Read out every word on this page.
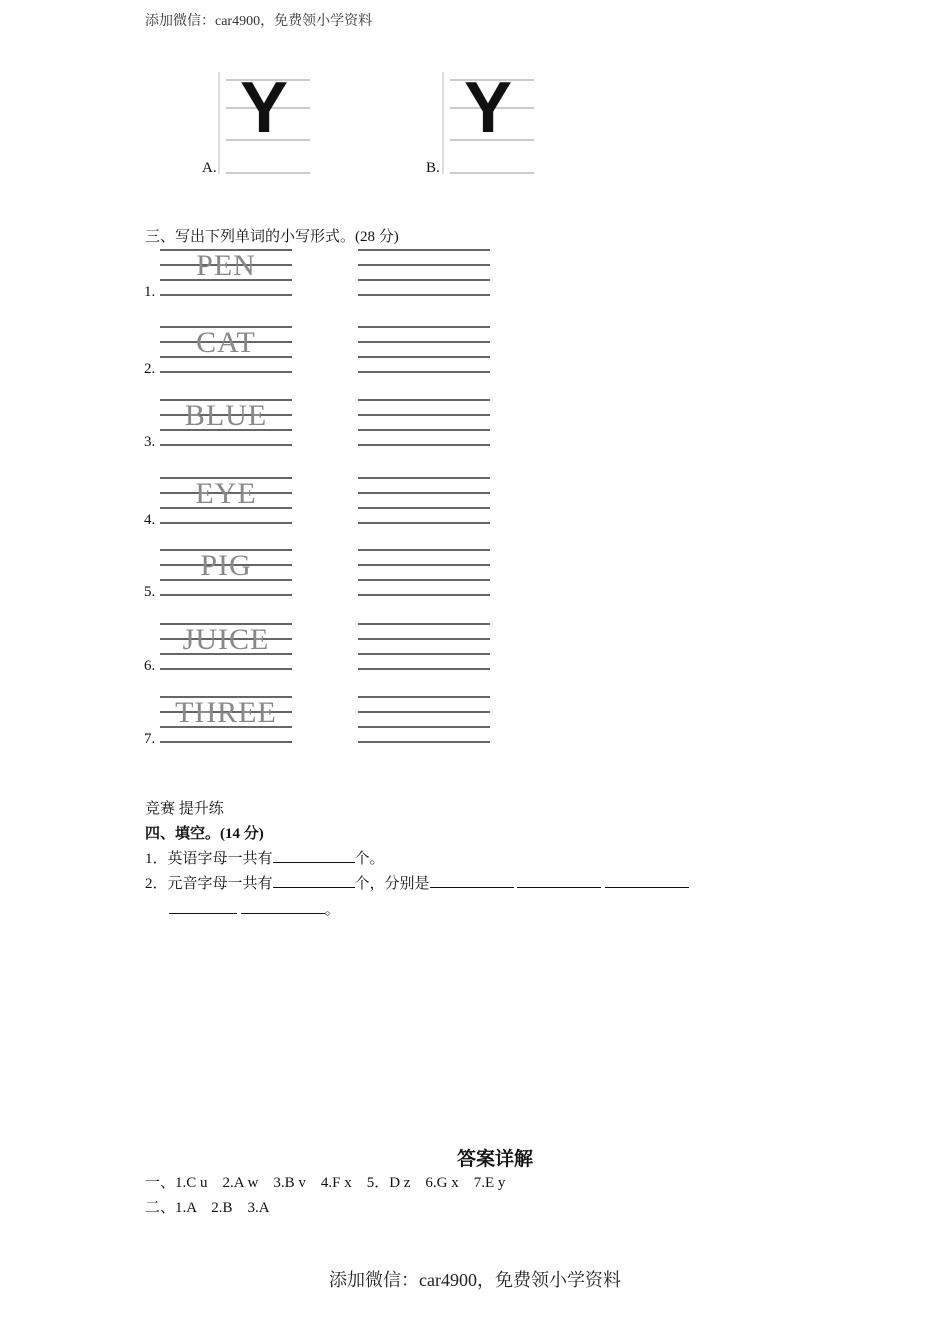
添加微信：car4900，免费领小学资料
A.
Y
B.
Y
三、写出下列单词的小写形式。(28 分)
1.
PEN
2.
CAT
3.
BLUE
4.
EYE
5.
PIG
6.
JUICE
7.
THREE
竞赛 提升练
四、填空。(14 分)
1．英语字母一共有	个。
2．元音字母一共有	个，分别是
。
答案详解
一、1.C u　2.A w　3.B v　4.F x　5．D z　6.G x　7.E y
二、1.A　2.B　3.A
添加微信：car4900，免费领小学资料
